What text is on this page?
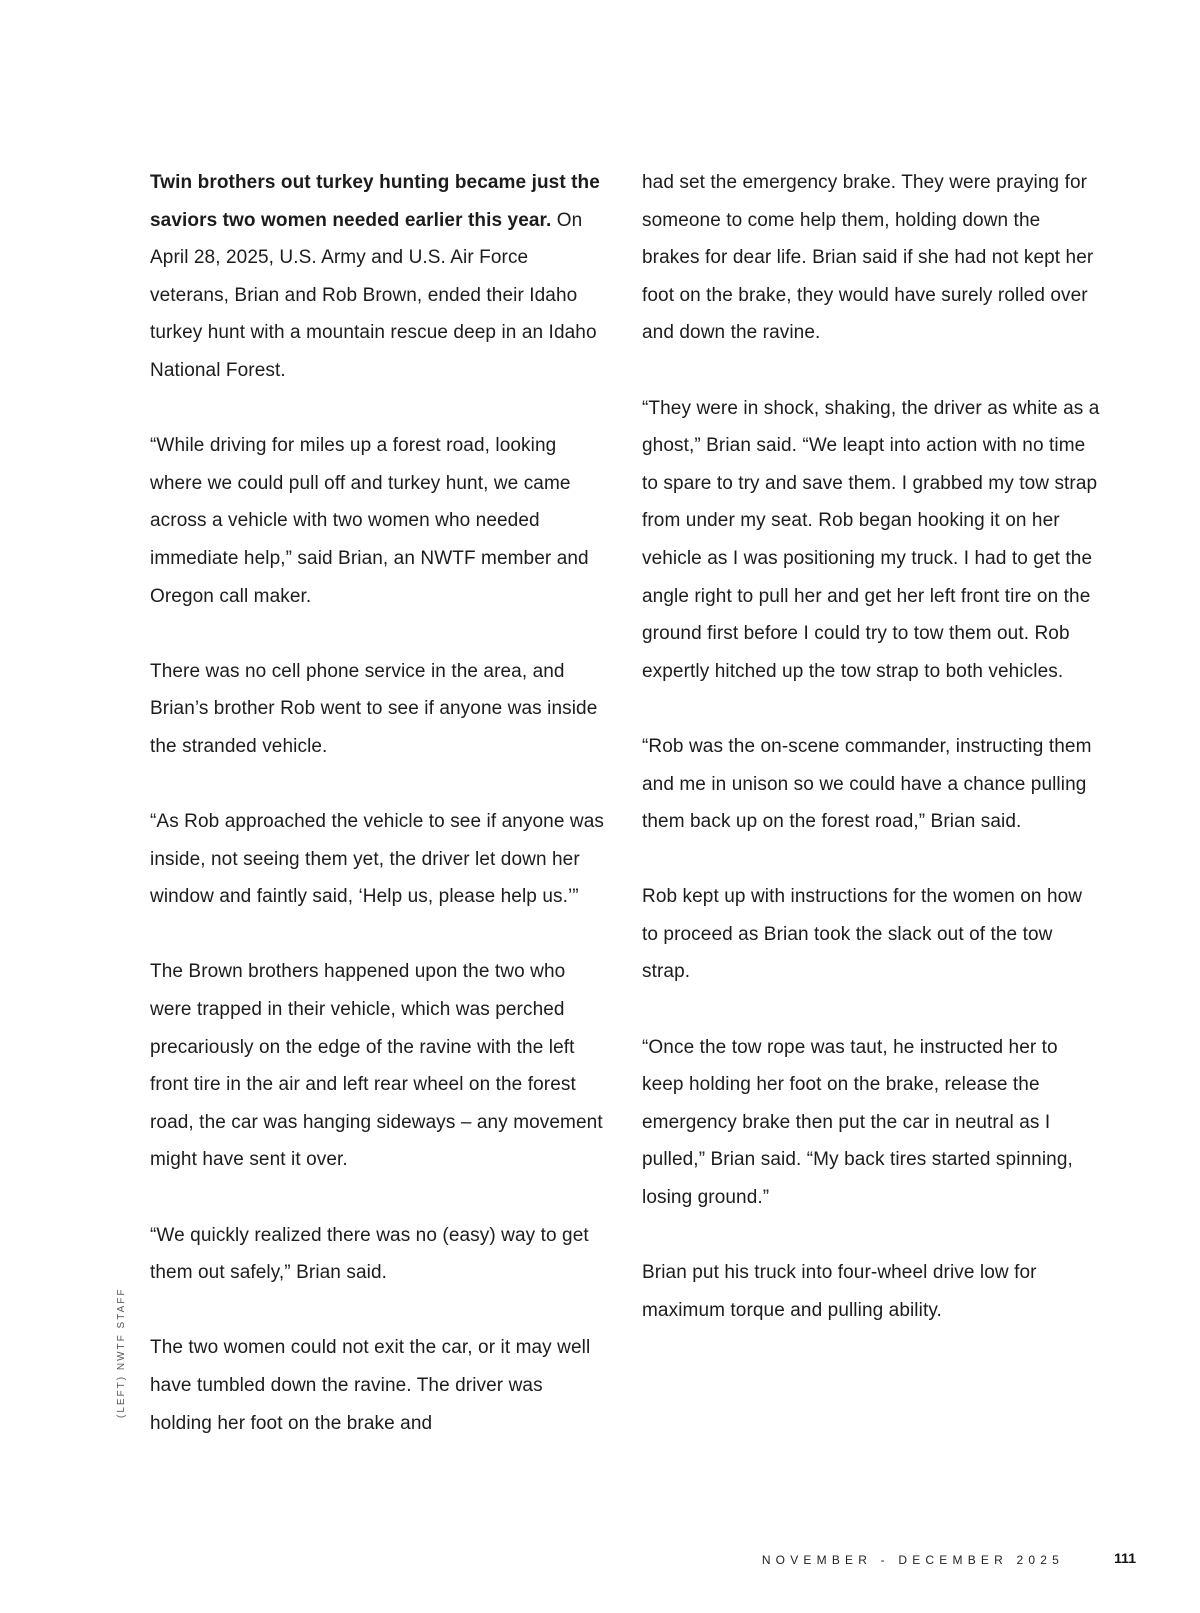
Twin brothers out turkey hunting became just the saviors two women needed earlier this year. On April 28, 2025, U.S. Army and U.S. Air Force veterans, Brian and Rob Brown, ended their Idaho turkey hunt with a mountain rescue deep in an Idaho National Forest.

“While driving for miles up a forest road, looking where we could pull off and turkey hunt, we came across a vehicle with two women who needed immediate help,” said Brian, an NWTF member and Oregon call maker.

There was no cell phone service in the area, and Brian’s brother Rob went to see if anyone was inside the stranded vehicle.

“As Rob approached the vehicle to see if anyone was inside, not seeing them yet, the driver let down her window and faintly said, ‘Help us, please help us.’”

The Brown brothers happened upon the two who were trapped in their vehicle, which was perched precariously on the edge of the ravine with the left front tire in the air and left rear wheel on the forest road, the car was hanging sideways – any movement might have sent it over.

“We quickly realized there was no (easy) way to get them out safely,” Brian said.

The two women could not exit the car, or it may well have tumbled down the ravine. The driver was holding her foot on the brake and

had set the emergency brake. They were praying for someone to come help them, holding down the brakes for dear life. Brian said if she had not kept her foot on the brake, they would have surely rolled over and down the ravine.

“They were in shock, shaking, the driver as white as a ghost,” Brian said. “We leapt into action with no time to spare to try and save them. I grabbed my tow strap from under my seat. Rob began hooking it on her vehicle as I was positioning my truck. I had to get the angle right to pull her and get her left front tire on the ground first before I could try to tow them out. Rob expertly hitched up the tow strap to both vehicles.

“Rob was the on-scene commander, instructing them and me in unison so we could have a chance pulling them back up on the forest road,” Brian said.

Rob kept up with instructions for the women on how to proceed as Brian took the slack out of the tow strap.

“Once the tow rope was taut, he instructed her to keep holding her foot on the brake, release the emergency brake then put the car in neutral as I pulled,” Brian said. “My back tires started spinning, losing ground.”

Brian put his truck into four-wheel drive low for maximum torque and pulling ability.

(LEFT) NWTF STAFF
NOVEMBER - DECEMBER 2025	111
